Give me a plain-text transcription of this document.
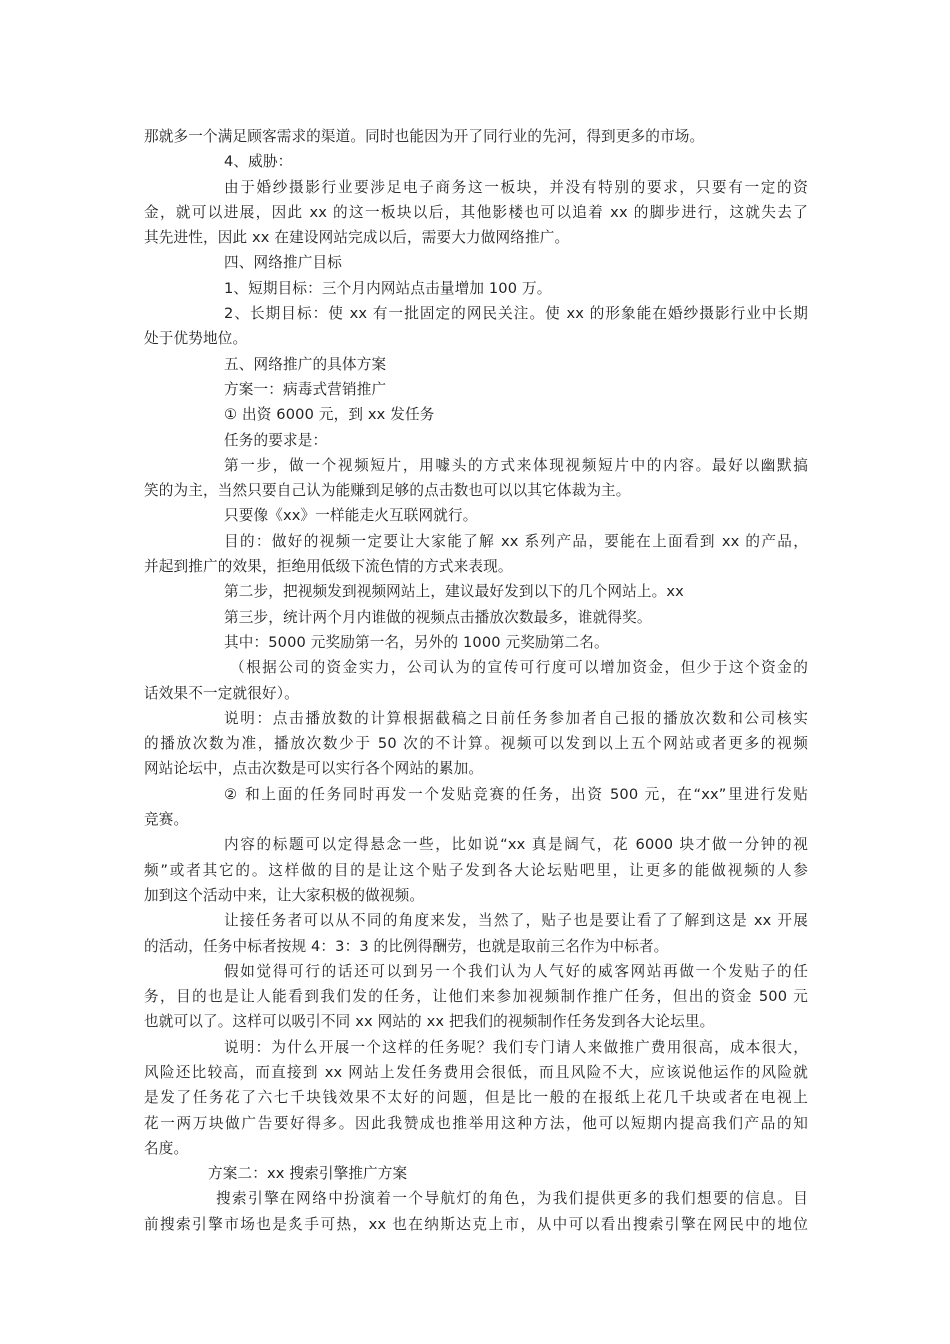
那就多一个满足顾客需求的渠道。同时也能因为开了同行业的先河，得到更多的市场。
4、威胁：
由于婚纱摄影行业要涉足电子商务这一板块，并没有特别的要求，只要有一定的资
金，就可以进展，因此 xx 的这一板块以后，其他影楼也可以追着 xx 的脚步进行，这就失去了
其先进性，因此 xx 在建设网站完成以后，需要大力做网络推广。
四、网络推广目标
1、短期目标：三个月内网站点击量增加 100 万。
2、长期目标：使 xx 有一批固定的网民关注。使 xx 的形象能在婚纱摄影行业中长期
处于优势地位。
五、网络推广的具体方案
方案一：病毒式营销推广
① 出资 6000 元，到 xx 发任务
任务的要求是：
第一步，做一个视频短片，用噱头的方式来体现视频短片中的内容。最好以幽默搞
笑的为主，当然只要自己认为能赚到足够的点击数也可以以其它体裁为主。
只要像《xx》一样能走火互联网就行。
目的：做好的视频一定要让大家能了解 xx 系列产品，要能在上面看到 xx 的产品，
并起到推广的效果，拒绝用低级下流色情的方式来表现。
第二步，把视频发到视频网站上，建议最好发到以下的几个网站上。xx
第三步，统计两个月内谁做的视频点击播放次数最多，谁就得奖。
其中：5000 元奖励第一名，另外的 1000 元奖励第二名。
（根据公司的资金实力，公司认为的宣传可行度可以增加资金，但少于这个资金的
话效果不一定就很好）。
说明：点击播放数的计算根据截稿之日前任务参加者自己报的播放次数和公司核实
的播放次数为准，播放次数少于 50 次的不计算。视频可以发到以上五个网站或者更多的视频
网站论坛中，点击次数是可以实行各个网站的累加。
② 和上面的任务同时再发一个发贴竞赛的任务，出资 500 元，在“xx”里进行发贴
竞赛。
内容的标题可以定得悬念一些，比如说“xx 真是阔气，花 6000 块才做一分钟的视
频”或者其它的。这样做的目的是让这个贴子发到各大论坛贴吧里，让更多的能做视频的人参
加到这个活动中来，让大家积极的做视频。
让接任务者可以从不同的角度来发，当然了，贴子也是要让看了了解到这是 xx 开展
的活动，任务中标者按规 4：3：3 的比例得酬劳，也就是取前三名作为中标者。
假如觉得可行的话还可以到另一个我们认为人气好的威客网站再做一个发贴子的任
务，目的也是让人能看到我们发的任务，让他们来参加视频制作推广任务，但出的资金 500 元
也就可以了。这样可以吸引不同 xx 网站的 xx 把我们的视频制作任务发到各大论坛里。
说明：为什么开展一个这样的任务呢？我们专门请人来做推广费用很高，成本很大，
风险还比较高，而直接到 xx 网站上发任务费用会很低，而且风险不大，应该说他运作的风险就
是发了任务花了六七千块钱效果不太好的问题，但是比一般的在报纸上花几千块或者在电视上
花一两万块做广告要好得多。因此我赞成也推举用这种方法，他可以短期内提高我们产品的知
名度。
方案二：xx 搜索引擎推广方案
搜索引擎在网络中扮演着一个导航灯的角色，为我们提供更多的我们想要的信息。目
前搜索引擎市场也是炙手可热，xx 也在纳斯达克上市，从中可以看出搜索引擎在网民中的地位
